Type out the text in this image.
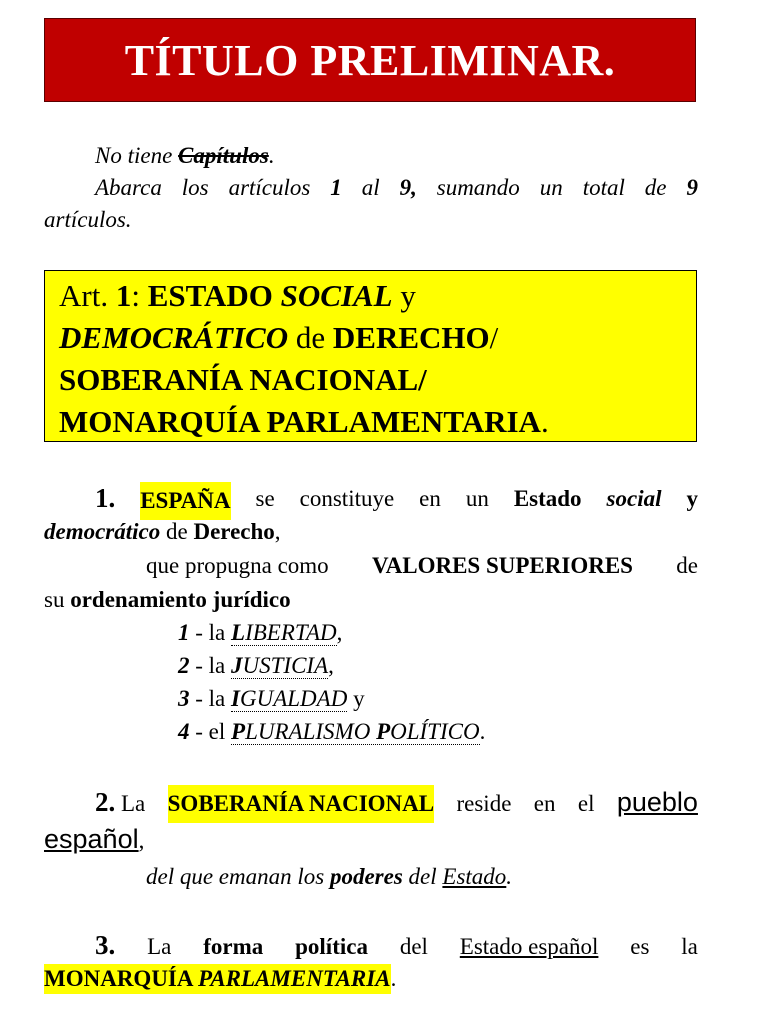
TÍTULO PRELIMINAR.
No tiene Capítulos.
Abarca los artículos 1 al 9, sumando un total de 9
artículos.
Art. 1: ESTADO SOCIAL y
DEMOCRÁTICO de DERECHO/
SOBERANÍA NACIONAL/
MONARQUÍA PARLAMENTARIA.
1. ESPAÑA se constituye en un Estado social y
democrático de Derecho,
que propugna como VALORES SUPERIORES de
su ordenamiento jurídico
1 - la LIBERTAD,
2 - la JUSTICIA,
3 - la IGUALDAD y
4 - el PLURALISMO POLÍTICO.
2. La SOBERANÍA NACIONAL reside en el pueblo
español,
del que emanan los poderes del Estado.
3. La forma política del Estado español es la
MONARQUÍA PARLAMENTARIA.
